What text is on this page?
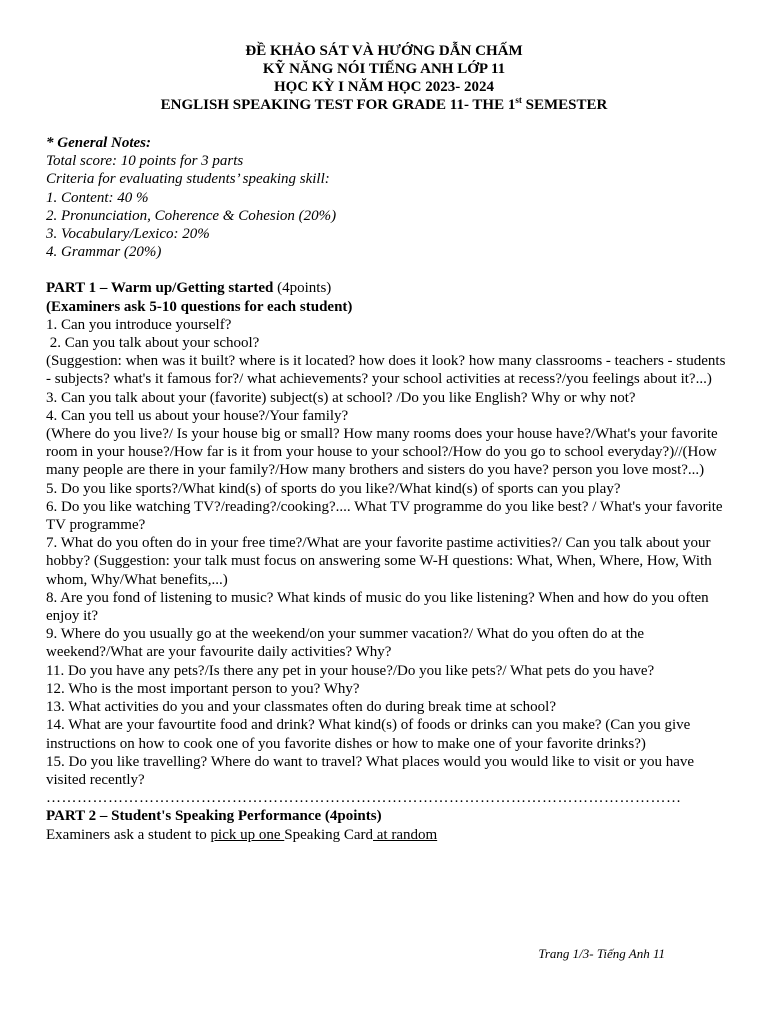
ĐỀ KHẢO SÁT VÀ HƯỚNG DẪN CHẤM
KỸ NĂNG NÓI TIẾNG ANH LỚP 11
HỌC KỲ I NĂM HỌC 2023- 2024
ENGLISH SPEAKING TEST FOR GRADE 11- THE 1st SEMESTER

* General Notes:

Total score: 10 points for 3 parts

Criteria for evaluating students’ speaking skill:

1. Content: 40 %

2. Pronunciation, Coherence & Cohesion (20%)

3. Vocabulary/Lexico: 20%

4. Grammar (20%)

PART 1 – Warm up/Getting started (4points)

(Examiners ask 5-10 questions for each student)

1. Can you introduce yourself?

2. Can you talk about your school?

(Suggestion: when was it built? where is it located? how does it look? how many classrooms - teachers - students - subjects? what's it famous for?/ what achievements? your school activities at recess?/you feelings about it?...)

3. Can you talk about your (favorite) subject(s) at school? /Do you like English? Why or why not?

4. Can you tell us about your house?/Your family?

(Where do you live?/ Is your house big or small? How many rooms does your house have?/What's your favorite room in your house?/How far is it from your house to your school?/How do you go to school everyday?)//(How many people are there in your family?/How many brothers and sisters do you have? person you love most?...)

5. Do you like sports?/What kind(s) of sports do you like?/What kind(s) of sports can you play?

6. Do you like watching TV?/reading?/cooking?.... What TV programme do you like best? / What's your favorite TV programme?

7. What do you often do in your free time?/What are your favorite pastime activities?/ Can you talk about your hobby? (Suggestion: your talk must focus on answering some W-H questions: What, When, Where, How, With whom, Why/What benefits,...)

8. Are you fond of listening to music? What kinds of music do you like listening? When and how do you often enjoy it?

9. Where do you usually go at the weekend/on your summer vacation?/ What do you often do at the weekend?/What are your favourite daily activities? Why?

11. Do you have any pets?/Is there any pet in your house?/Do you like pets?/ What pets do you have?

12. Who is the most important person to you? Why?

13. What activities do you and your classmates often do during break time at school?

14. What are your favourtite food and drink? What kind(s) of foods or drinks can you make? (Can you give instructions on how to cook one of you favorite dishes or how to make one of your favorite drinks?)

15. Do you like travelling? Where do want to travel? What places would you would like to visit or you have visited recently?

……………………………………………………………………………………………………………

PART 2 – Student's Speaking Performance (4points)

Examiners ask a student to pick up one Speaking Card at random

Trang 1/3- Tiếng Anh 11
